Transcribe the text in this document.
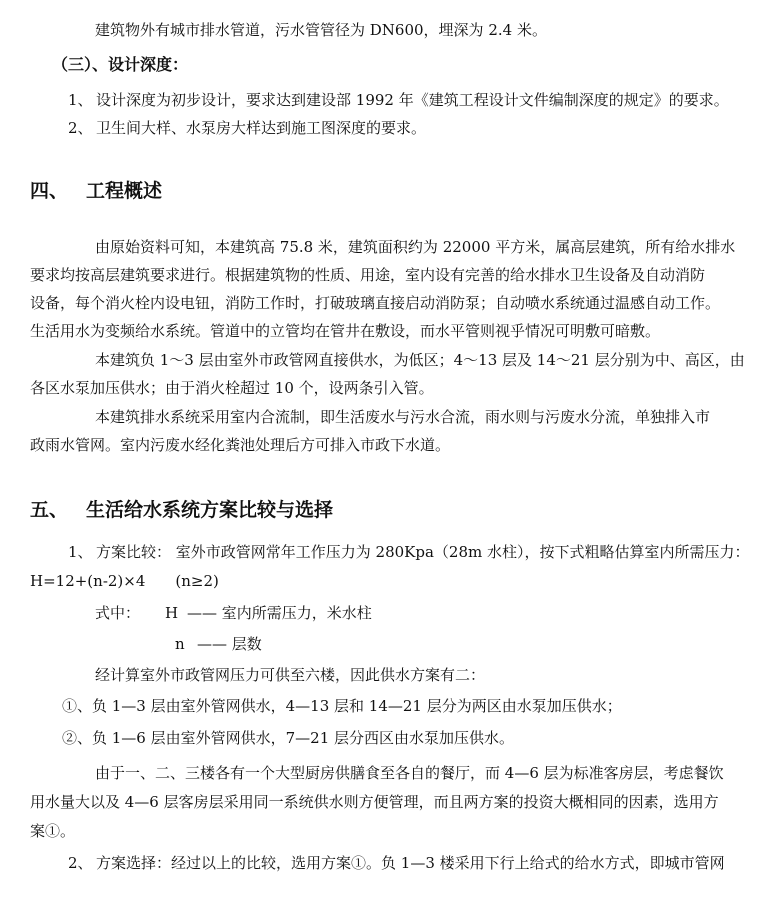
建筑物外有城市排水管道，污水管管径为 DN600，埋深为 2.4 米。
（三）、设计深度：
1、 设计深度为初步设计，要求达到建设部 1992 年《建筑工程设计文件编制深度的规定》的要求。
2、 卫生间大样、水泵房大样达到施工图深度的要求。
四、 工程概述
由原始资料可知，本建筑高 75.8 米，建筑面积约为 22000 平方米，属高层建筑，所有给水排水
要求均按高层建筑要求进行。根据建筑物的性质、用途，室内设有完善的给水排水卫生设备及自动消防
设备，每个消火栓内设电钮，消防工作时，打破玻璃直接启动消防泵；自动喷水系统通过温感自动工作。
生活用水为变频给水系统。管道中的立管均在管井在敷设，而水平管则视乎情况可明敷可暗敷。
本建筑负 1～3 层由室外市政管网直接供水，为低区；4～13 层及 14～21 层分别为中、高区，由
各区水泵加压供水；由于消火栓超过 10 个，设两条引入管。
本建筑排水系统采用室内合流制，即生活废水与污水合流，雨水则与污废水分流，单独排入市
政雨水管网。室内污废水经化粪池处理后方可排入市政下水道。
五、 生活给水系统方案比较与选择
1、 方案比较： 室外市政管网常年工作压力为 280Kpa（28m 水柱），按下式粗略估算室内所需压力：
H=12+(n-2)×4 (n≥2)
式中： H —— 室内所需压力，米水柱
n —— 层数
经计算室外市政管网压力可供至六楼，因此供水方案有二：
①、负 1—3 层由室外管网供水，4—13 层和 14—21 层分为两区由水泵加压供水；
②、负 1—6 层由室外管网供水，7—21 层分西区由水泵加压供水。
由于一、二、三楼各有一个大型厨房供膳食至各自的餐厅，而 4—6 层为标准客房层，考虑餐饮
用水量大以及 4—6 层客房层采用同一系统供水则方便管理，而且两方案的投资大概相同的因素，选用方
案①。
2、 方案选择：经过以上的比较，选用方案①。负 1—3 楼采用下行上给式的给水方式，即城市管网
